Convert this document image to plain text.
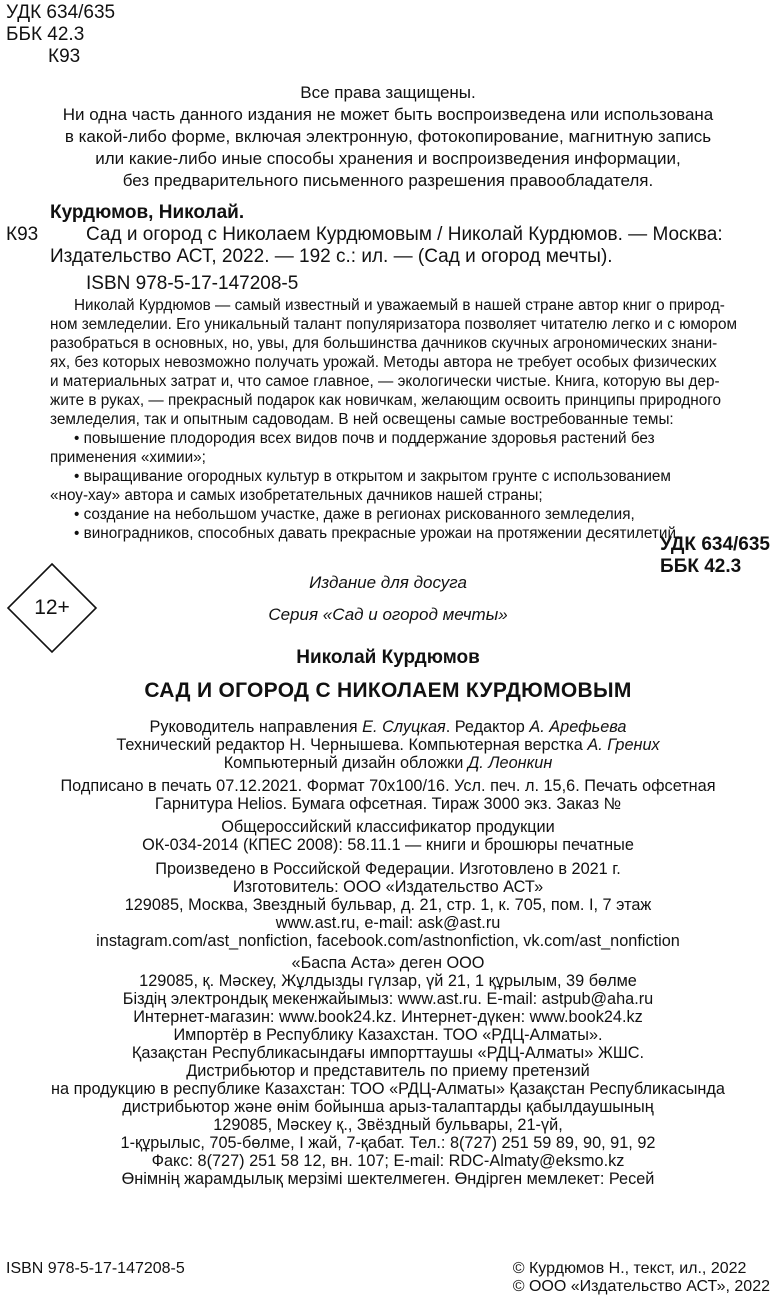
УДК 634/635
ББК 42.3
К93
Все права защищены.
Ни одна часть данного издания не может быть воспроизведена или использована
в какой-либо форме, включая электронную, фотокопирование, магнитную запись
или какие-либо иные способы хранения и воспроизведения информации,
без предварительного письменного разрешения правообладателя.
Курдюмов, Николай.
К93	Сад и огород с Николаем Курдюмовым / Николай Курдюмов. — Москва:
Издательство АСТ, 2022. — 192 с.: ил. — (Сад и огород мечты).
ISBN 978-5-17-147208-5
Николай Курдюмов — самый известный и уважаемый в нашей стране автор книг о природ-
ном земледелии. Его уникальный талант популяризатора позволяет читателю легко и с юмором
разобраться в основных, но, увы, для большинства дачников скучных агрономических знани-
ях, без которых невозможно получать урожай. Методы автора не требует особых физических
и материальных затрат и, что самое главное, — экологически чистые. Книга, которую вы дер-
жите в руках, — прекрасный подарок как новичкам, желающим освоить принципы природного
земледелия, так и опытным садоводам. В ней освещены самые востребованные темы:
• повышение плодородия всех видов почв и поддержание здоровья растений без
применения «химии»;
• выращивание огородных культур в открытом и закрытом грунте с использованием
«ноу-хау» автора и самых изобретательных дачников нашей страны;
• создание на небольшом участке, даже в регионах рискованного земледелия,
• виноградников, способных давать прекрасные урожаи на протяжении десятилетий.
УДК 634/635
ББК 42.3
12+
Издание для досуга
Серия «Сад и огород мечты»
Николай Курдюмов
САД И ОГОРОД С НИКОЛАЕМ КУРДЮМОВЫМ
Руководитель направления Е. Слуцкая. Редактор А. Арефьева
Технический редактор Н. Чернышева. Компьютерная верстка А. Грених
Компьютерный дизайн обложки Д. Леонкин
Подписано в печать 07.12.2021. Формат 70x100/16. Усл. печ. л. 15,6. Печать офсетная
Гарнитура Helios. Бумага офсетная. Тираж 3000 экз. Заказ №
Общероссийский классификатор продукции
ОК-034-2014 (КПЕС 2008): 58.11.1 — книги и брошюры печатные
Произведено в Российской Федерации. Изготовлено в 2021 г.
Изготовитель: ООО «Издательство АСТ»
129085, Москва, Звездный бульвар, д. 21, стр. 1, к. 705, пом. I, 7 этаж
www.ast.ru, e-mail: ask@ast.ru
instagram.com/ast_nonfiction, facebook.com/astnonfiction, vk.com/ast_nonfiction
«Баспа Аста» деген ООО
129085, қ. Мәскеу, Жұлдызды гүлзар, үй 21, 1 құрылым, 39 бөлме
Біздің электрондық мекенжайымыз: www.ast.ru. E-mail: astpub@aha.ru
Интернет-магазин: www.book24.kz. Интернет-дүкен: www.book24.kz
Импортёр в Республику Казахстан. ТОО «РДЦ-Алматы».
Қазақстан Республикасындағы импорттаушы «РДЦ-Алматы» ЖШС.
Дистрибьютор и представитель по приему претензий
на продукцию в республике Казахстан: ТОО «РДЦ-Алматы» Қазақстан Республикасында
дистрибьютор және өнім бойынша арыз-талаптарды қабылдаушының
129085, Мәскеу қ., Звёздный бульвары, 21-үй,
1-құрылыс, 705-бөлме, I жай, 7-қабат. Тел.: 8(727) 251 59 89, 90, 91, 92
Факс: 8(727) 251 58 12, вн. 107; E-mail: RDC-Almaty@eksmo.kz
Өнімнің жарамдылық мерзімі шектелмеген. Өндірген мемлекет: Ресей
ISBN 978-5-17-147208-5	© Курдюмов Н., текст, ил., 2022
© ООО «Издательство АСТ», 2022
